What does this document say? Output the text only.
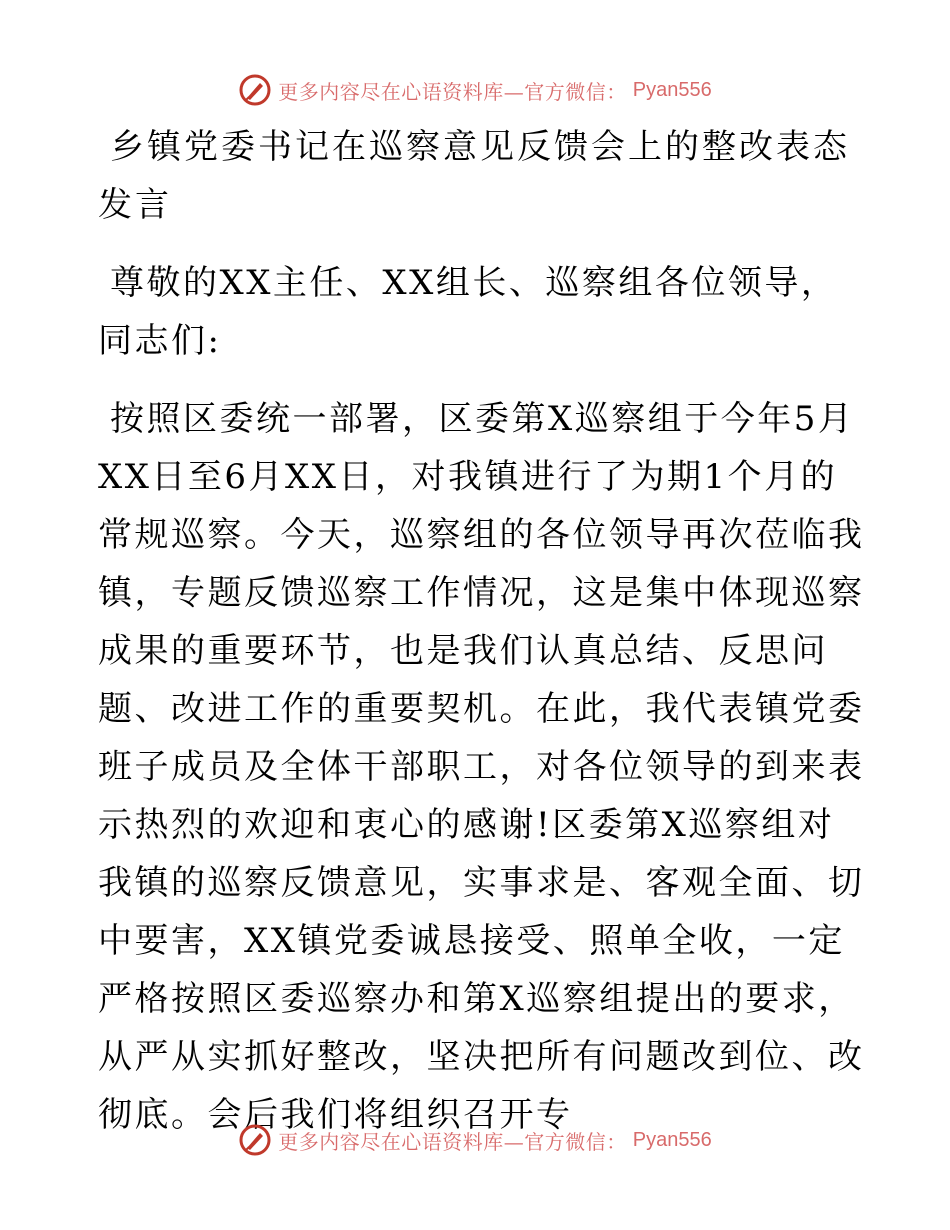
更多内容尽在心语资料库—官方微信： Pyan556

乡镇党委书记在巡察意见反馈会上的整改表态发言

尊敬的XX主任、XX组长、巡察组各位领导，同志们:

按照区委统一部署，区委第X巡察组于今年5月XX日至6月XX日，对我镇进行了为期1个月的常规巡察。今天，巡察组的各位领导再次莅临我镇，专题反馈巡察工作情况，这是集中体现巡察成果的重要环节，也是我们认真总结、反思问题、改进工作的重要契机。在此，我代表镇党委班子成员及全体干部职工，对各位领导的到来表示热烈的欢迎和衷心的感谢!区委第X巡察组对我镇的巡察反馈意见，实事求是、客观全面、切中要害，XX镇党委诚恳接受、照单全收，一定严格按照区委巡察办和第X巡察组提出的要求，从严从实抓好整改，坚决把所有问题改到位、改彻底。会后我们将组织召开专

更多内容尽在心语资料库—官方微信： Pyan556
